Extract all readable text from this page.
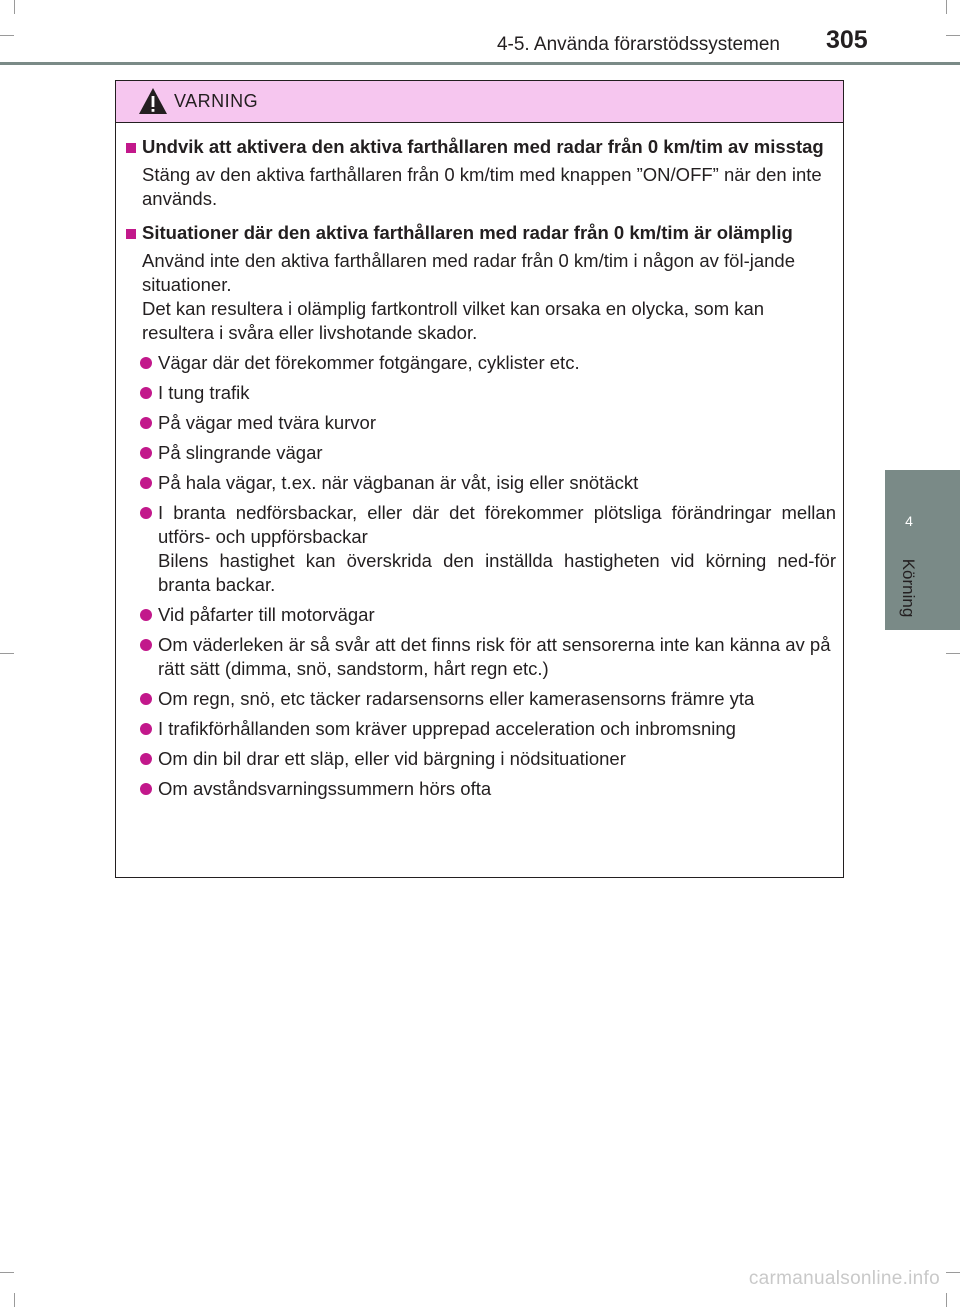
4-5. Använda förarstödssystemen 305
4
Körning
VARNING
Undvik att aktivera den aktiva farthållaren med radar från 0 km/tim av misstag
Stäng av den aktiva farthållaren från 0 km/tim med knappen ”ON/OFF” när den inte används.
Situationer där den aktiva farthållaren med radar från 0 km/tim är olämplig
Använd inte den aktiva farthållaren med radar från 0 km/tim i någon av föl-jande situationer.
Det kan resultera i olämplig fartkontroll vilket kan orsaka en olycka, som kan resultera i svåra eller livshotande skador.
Vägar där det förekommer fotgängare, cyklister etc.
I tung trafik
På vägar med tvära kurvor
På slingrande vägar
På hala vägar, t.ex. när vägbanan är våt, isig eller snötäckt
I branta nedförsbackar, eller där det förekommer plötsliga förändringar mellan utförs- och uppförsbackar
Bilens hastighet kan överskrida den inställda hastigheten vid körning ned-för branta backar.
Vid påfarter till motorvägar
Om väderleken är så svår att det finns risk för att sensorerna inte kan känna av på rätt sätt (dimma, snö, sandstorm, hårt regn etc.)
Om regn, snö, etc täcker radarsensorns eller kamerasensorns främre yta
I trafikförhållanden som kräver upprepad acceleration och inbromsning
Om din bil drar ett släp, eller vid bärgning i nödsituationer
Om avståndsvarningssummern hörs ofta
carmanualsonline.info
